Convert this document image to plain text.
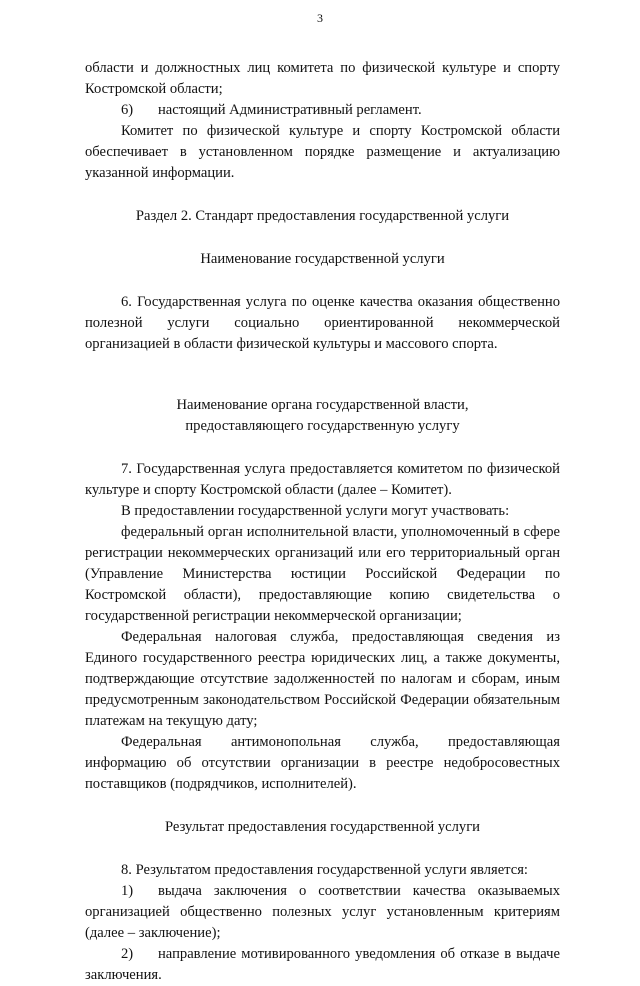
3

области и должностных лиц комитета по физической культуре и спорту Костромской области;

6) настоящий Административный регламент.

Комитет по физической культуре и спорту Костромской области обеспечивает в установленном порядке размещение и актуализацию указанной информации.

Раздел 2. Стандарт предоставления государственной услуги

Наименование государственной услуги

6. Государственная услуга по оценке качества оказания общественно полезной услуги социально ориентированной некоммерческой организацией в области физической культуры и массового спорта.

Наименование органа государственной власти,

предоставляющего государственную услугу

7. Государственная услуга предоставляется комитетом по физической культуре и спорту Костромской области (далее – Комитет).

В предоставлении государственной услуги могут участвовать:

федеральный орган исполнительной власти, уполномоченный в сфере регистрации некоммерческих организаций или его территориальный орган (Управление Министерства юстиции Российской Федерации по Костромской области), предоставляющие копию свидетельства о государственной регистрации некоммерческой организации;

Федеральная налоговая служба, предоставляющая сведения из Единого государственного реестра юридических лиц, а также документы, подтверждающие отсутствие задолженностей по налогам и сборам, иным предусмотренным законодательством Российской Федерации обязательным платежам на текущую дату;

Федеральная антимонопольная служба, предоставляющая информацию об отсутствии организации в реестре недобросовестных поставщиков (подрядчиков, исполнителей).

Результат предоставления государственной услуги

8. Результатом предоставления государственной услуги является:

1) выдача заключения о соответствии качества оказываемых организацией общественно полезных услуг установленным критериям (далее – заключение);

2) направление мотивированного уведомления об отказе в выдаче заключения.
